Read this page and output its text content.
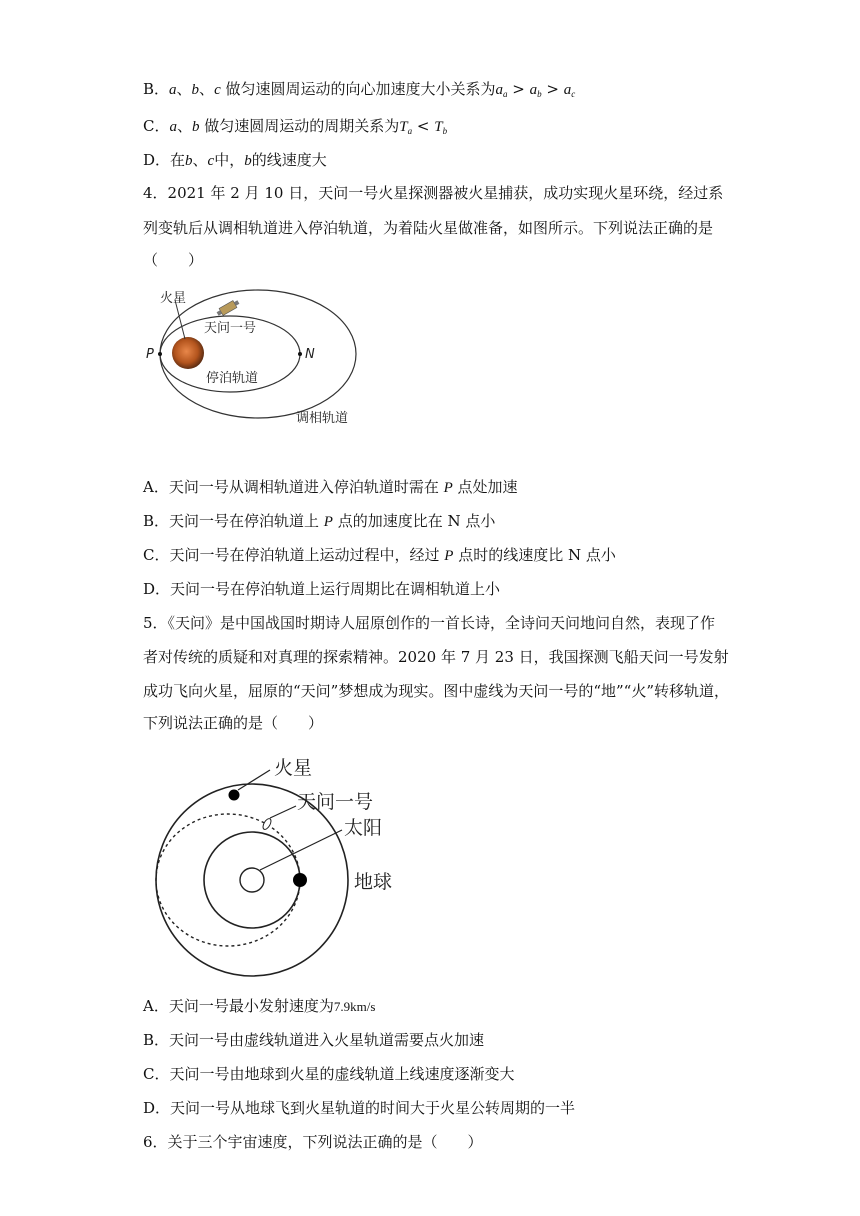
B．a、b、c 做匀速圆周运动的向心加速度大小关系为$a_a > a_b > a_c$
C．a、b 做匀速圆周运动的周期关系为$T_a < T_b$
D．在b、c中，b的线速度大
4．2021 年 2 月 10 日，天问一号火星探测器被火星捕获，成功实现火星环绕，经过系
列变轨后从调相轨道进入停泊轨道，为着陆火星做准备，如图所示。下列说法正确的是
（　　）
火星
天问一号
P	N
停泊轨道
调相轨道
A．天问一号从调相轨道进入停泊轨道时需在 P 点处加速
B．天问一号在停泊轨道上 P 点的加速度比在 N 点小
C．天问一号在停泊轨道上运动过程中，经过 P 点时的线速度比 N 点小
D．天问一号在停泊轨道上运行周期比在调相轨道上小
5．《天问》是中国战国时期诗人屈原创作的一首长诗，全诗问天问地问自然，表现了作
者对传统的质疑和对真理的探索精神。2020 年 7 月 23 日，我国探测飞船天问一号发射
成功飞向火星，屈原的“天问”梦想成为现实。图中虚线为天问一号的“地”“火”转移轨道，
下列说法正确的是（　　）
火星
天问一号
太阳
地球
A．天问一号最小发射速度为7.9km/s
B．天问一号由虚线轨道进入火星轨道需要点火加速
C．天问一号由地球到火星的虚线轨道上线速度逐渐变大
D．天问一号从地球飞到火星轨道的时间大于火星公转周期的一半
6．关于三个宇宙速度，下列说法正确的是（　　）
